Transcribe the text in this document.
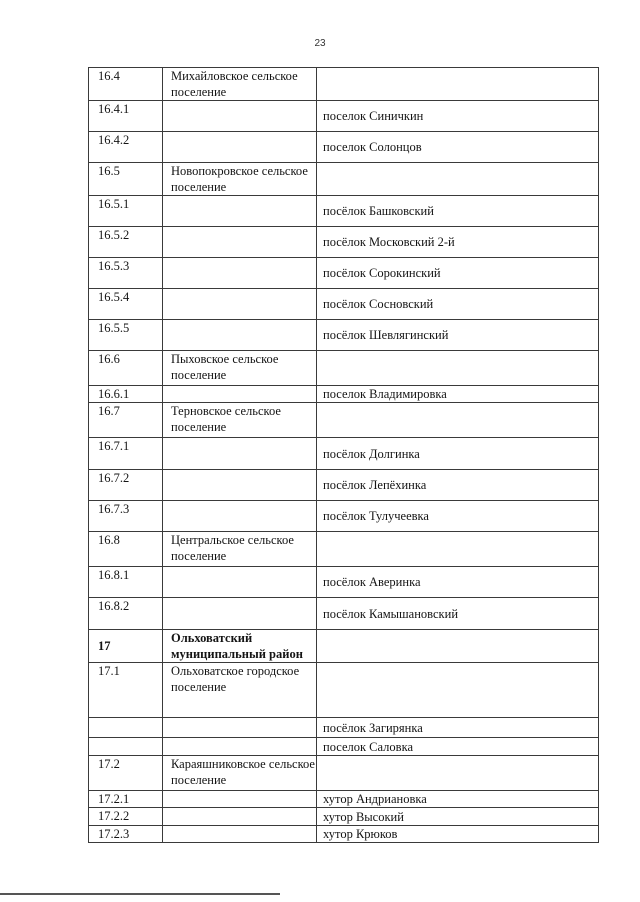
23
16.4	Михайловское сельское поселение	
16.4.1		поселок Синичкин
16.4.2		поселок Солонцов
16.5	Новопокровское сельское поселение	
16.5.1		посёлок Башковский
16.5.2		посёлок Московский 2-й
16.5.3		посёлок Сорокинский
16.5.4		посёлок Сосновский
16.5.5		посёлок Шевлягинский
16.6	Пыховское сельское поселение	
16.6.1		поселок Владимировка
16.7	Терновское сельское поселение	
16.7.1		посёлок Долгинка
16.7.2		посёлок Лепёхинка
16.7.3		посёлок Тулучеевка
16.8	Центральское сельское поселение	
16.8.1		посёлок Аверинка
16.8.2		посёлок Камышановский
17	Ольховатский муниципальный район	
17.1	Ольховатское городское поселение	
		посёлок Загирянка
		поселок Саловка
17.2	Караяшниковское сельское поселение	
17.2.1		хутор Андриановка
17.2.2		хутор Высокий
17.2.3		хутор Крюков
